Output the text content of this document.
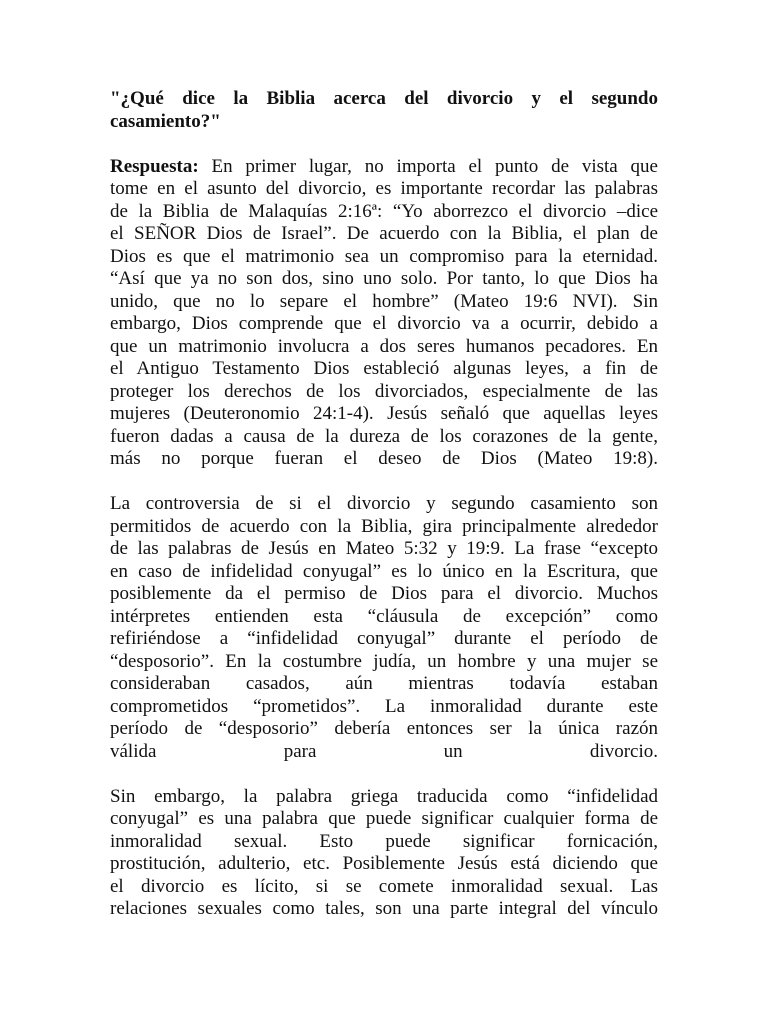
"¿Qué dice la Biblia acerca del divorcio y el segundo
casamiento?"
Respuesta: En primer lugar, no importa el punto de vista que
tome en el asunto del divorcio, es importante recordar las palabras
de la Biblia de Malaquías 2:16ª: “Yo aborrezco el divorcio –dice
el SEÑOR Dios de Israel”. De acuerdo con la Biblia, el plan de
Dios es que el matrimonio sea un compromiso para la eternidad.
“Así que ya no son dos, sino uno solo. Por tanto, lo que Dios ha
unido, que no lo separe el hombre” (Mateo 19:6 NVI). Sin
embargo, Dios comprende que el divorcio va a ocurrir, debido a
que un matrimonio involucra a dos seres humanos pecadores. En
el Antiguo Testamento Dios estableció algunas leyes, a fin de
proteger los derechos de los divorciados, especialmente de las
mujeres (Deuteronomio 24:1-4). Jesús señaló que aquellas leyes
fueron dadas a causa de la dureza de los corazones de la gente,
más no porque fueran el deseo de Dios (Mateo 19:8).
La controversia de si el divorcio y segundo casamiento son
permitidos de acuerdo con la Biblia, gira principalmente alrededor
de las palabras de Jesús en Mateo 5:32 y 19:9. La frase “excepto
en caso de infidelidad conyugal” es lo único en la Escritura, que
posiblemente da el permiso de Dios para el divorcio. Muchos
intérpretes entienden esta “cláusula de excepción” como
refiriéndose a “infidelidad conyugal” durante el período de
“desposorio”. En la costumbre judía, un hombre y una mujer se
consideraban casados, aún mientras todavía estaban
comprometidos “prometidos”. La inmoralidad durante este
período de “desposorio” debería entonces ser la única razón
válida para un divorcio.
Sin embargo, la palabra griega traducida como “infidelidad
conyugal” es una palabra que puede significar cualquier forma de
inmoralidad sexual. Esto puede significar fornicación,
prostitución, adulterio, etc. Posiblemente Jesús está diciendo que
el divorcio es lícito, si se comete inmoralidad sexual. Las
relaciones sexuales como tales, son una parte integral del vínculo
